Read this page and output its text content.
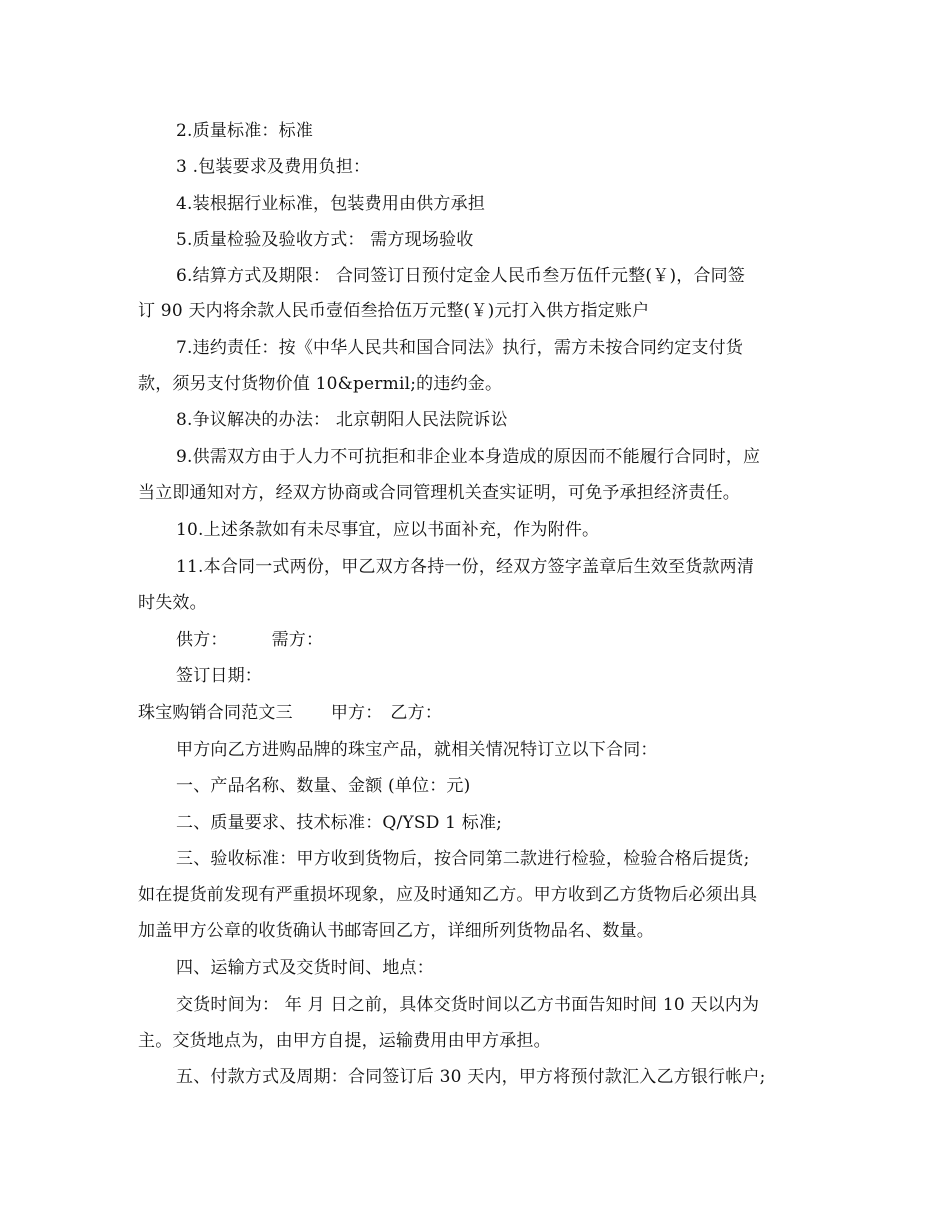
2.质量标准：标准
3 .包装要求及费用负担：
4.装根据行业标准，包装费用由供方承担
5.质量检验及验收方式： 需方现场验收
6.结算方式及期限： 合同签订日预付定金人民币叁万伍仟元整(￥)，合同签
订 90 天内将余款人民币壹佰叁拾伍万元整(￥)元打入供方指定账户
7.违约责任：按《中华人民共和国合同法》执行，需方未按合同约定支付货
款，须另支付货物价值 10&permil;的违约金。
8.争议解决的办法： 北京朝阳人民法院诉讼
9.供需双方由于人力不可抗拒和非企业本身造成的原因而不能履行合同时，应
当立即通知对方，经双方协商或合同管理机关查实证明，可免予承担经济责任。
10.上述条款如有未尽事宜，应以书面补充，作为附件。
11.本合同一式两份，甲乙双方各持一份，经双方签字盖章后生效至货款两清
时失效。
供方：	需方：
签订日期：
珠宝购销合同范文三 甲方： 乙方：
甲方向乙方进购品牌的珠宝产品，就相关情况特订立以下合同：
一、产品名称、数量、金额 (单位：元)
二、质量要求、技术标准：Q/YSD 1 标准;
三、验收标准：甲方收到货物后，按合同第二款进行检验，检验合格后提货;
如在提货前发现有严重损坏现象，应及时通知乙方。甲方收到乙方货物后必须出具
加盖甲方公章的收货确认书邮寄回乙方，详细所列货物品名、数量。
四、运输方式及交货时间、地点：
交货时间为： 年 月 日之前，具体交货时间以乙方书面告知时间 10 天以内为
主。交货地点为，由甲方自提，运输费用由甲方承担。
五、付款方式及周期：合同签订后 30 天内，甲方将预付款汇入乙方银行帐户;
